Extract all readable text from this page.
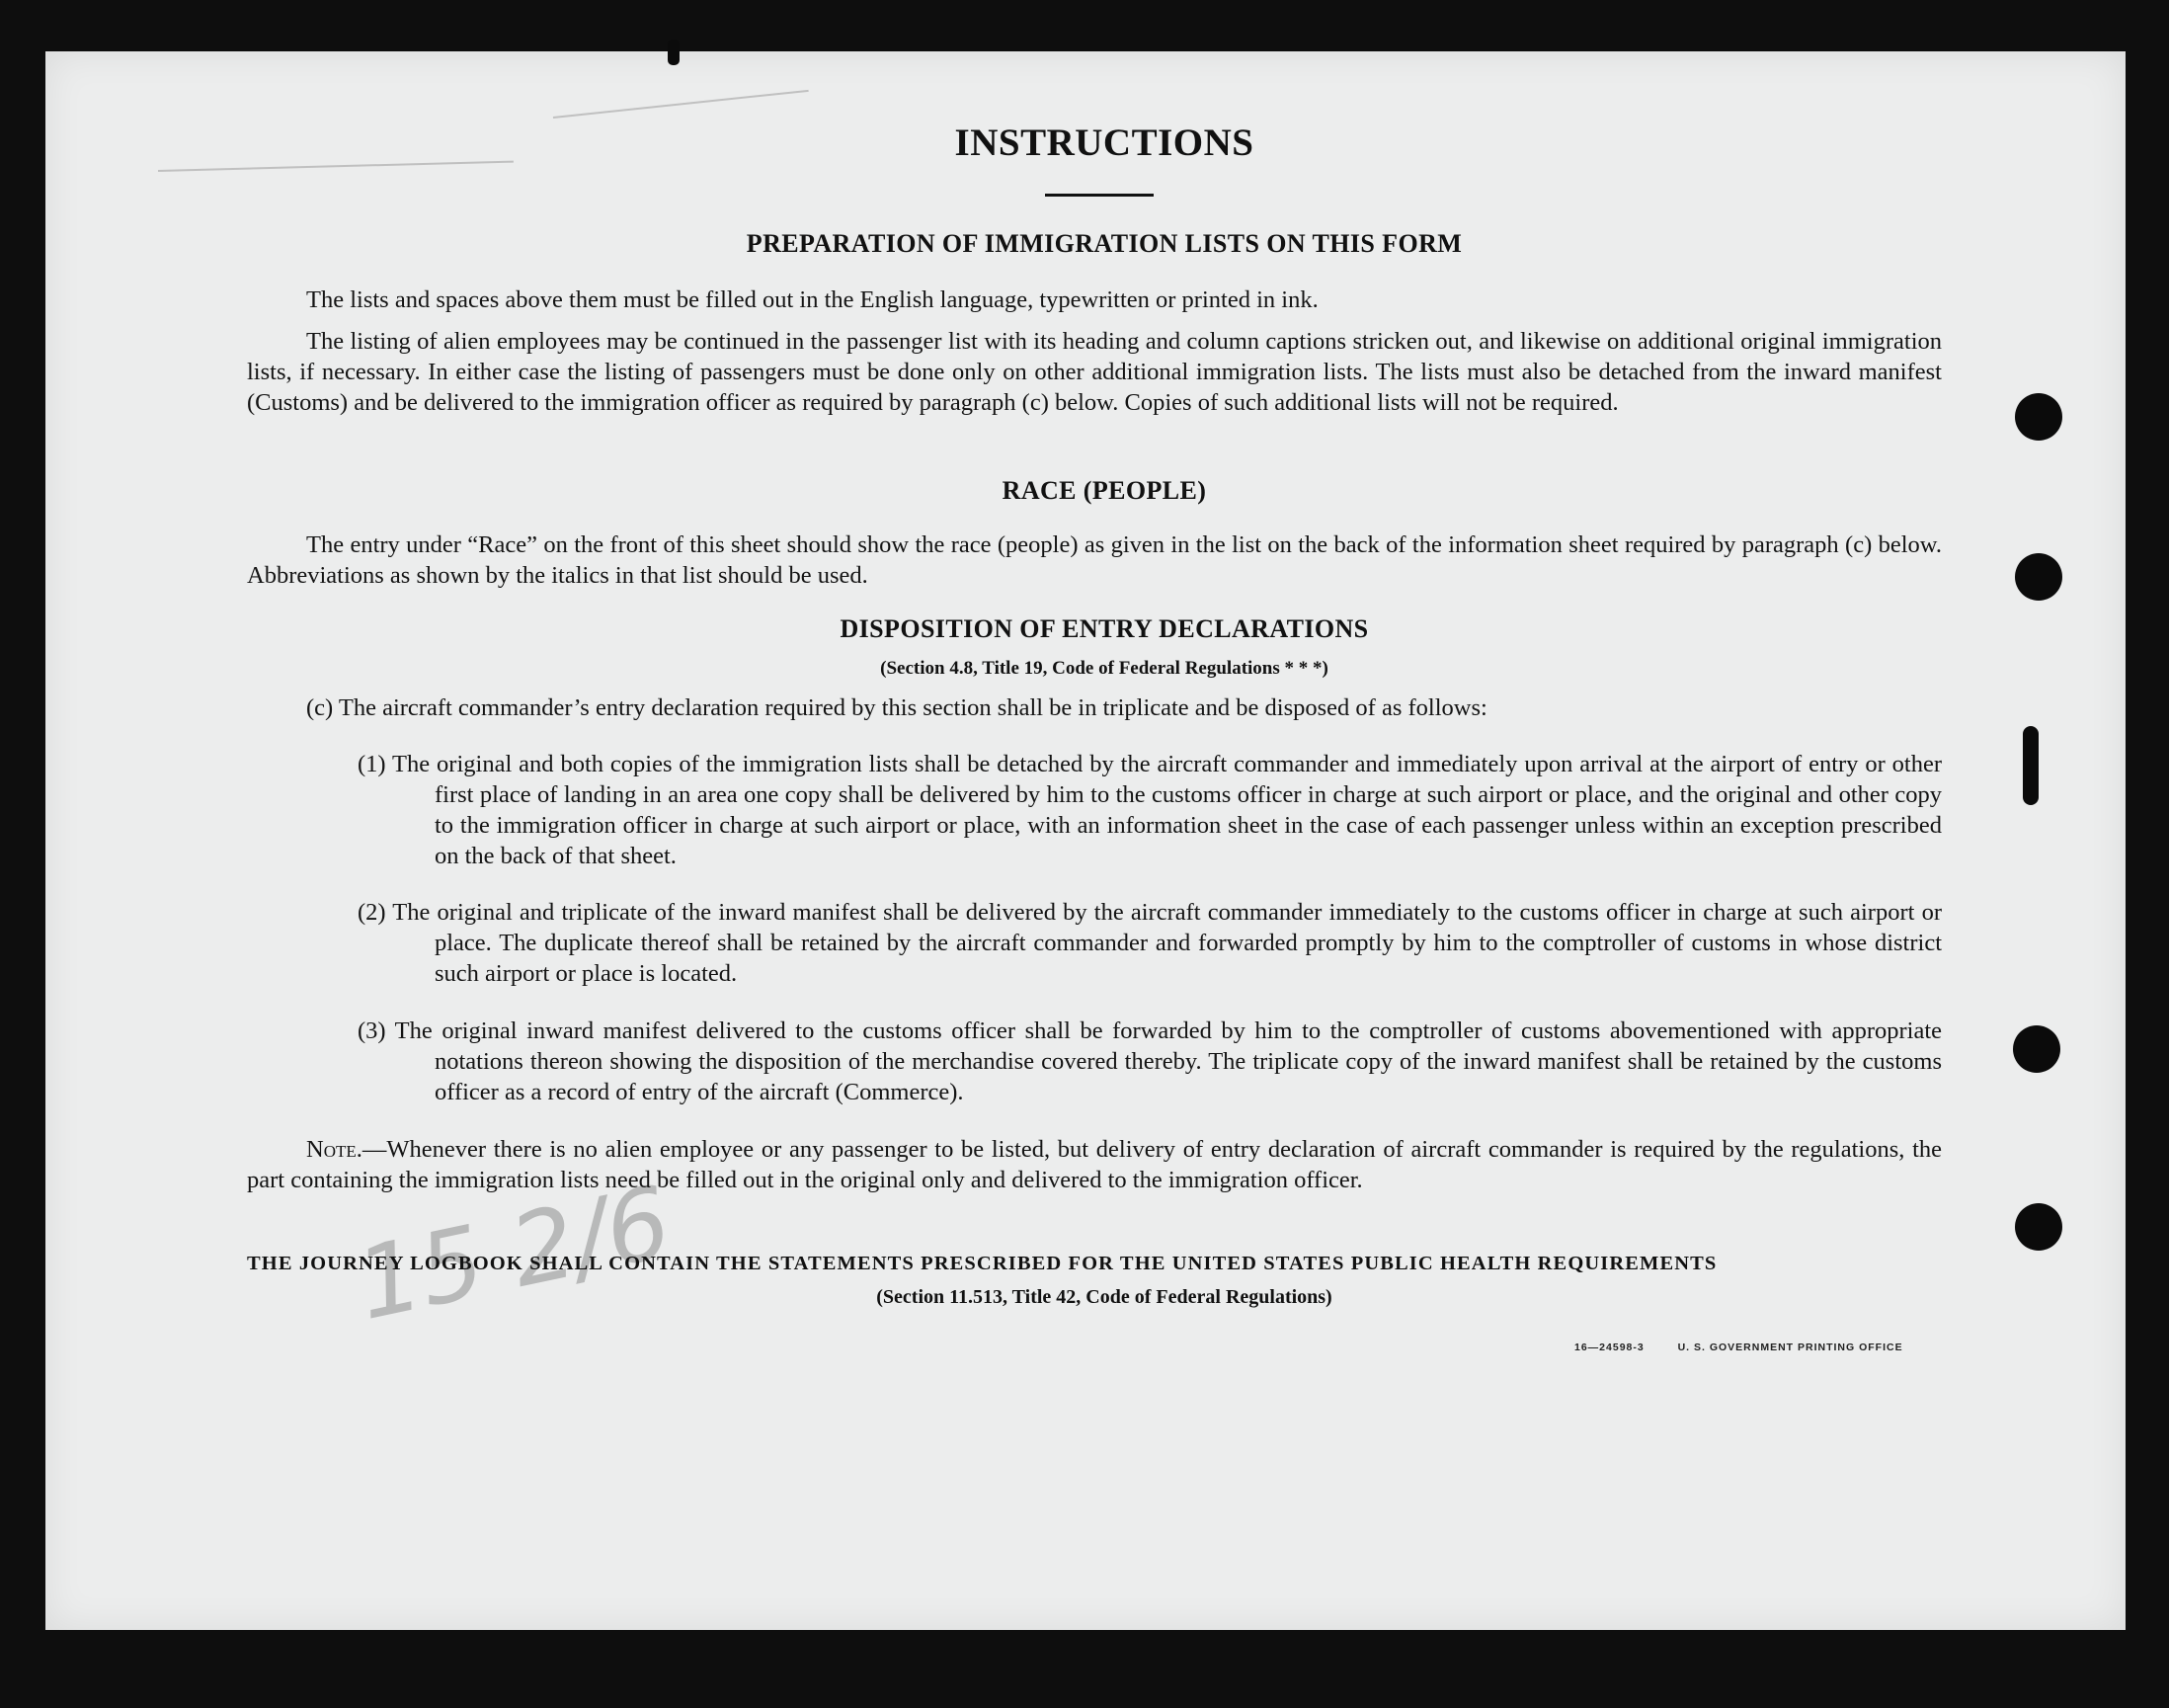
15 2/6
INSTRUCTIONS
PREPARATION OF IMMIGRATION LISTS ON THIS FORM
The lists and spaces above them must be filled out in the English language, typewritten or printed in ink.
The listing of alien employees may be continued in the passenger list with its heading and column captions stricken out, and likewise on additional original immigration lists, if necessary. In either case the listing of passengers must be done only on other additional immigration lists. The lists must also be detached from the inward manifest (Customs) and be delivered to the immigration officer as required by paragraph (c) below. Copies of such additional lists will not be required.
RACE (PEOPLE)
The entry under “Race” on the front of this sheet should show the race (people) as given in the list on the back of the information sheet required by paragraph (c) below. Abbreviations as shown by the italics in that list should be used.
DISPOSITION OF ENTRY DECLARATIONS
(Section 4.8, Title 19, Code of Federal Regulations * * *)
(c) The aircraft commander’s entry declaration required by this section shall be in triplicate and be disposed of as follows:
(1) The original and both copies of the immigration lists shall be detached by the aircraft commander and immediately upon arrival at the airport of entry or other first place of landing in an area one copy shall be delivered by him to the customs officer in charge at such airport or place, and the original and other copy to the immigration officer in charge at such airport or place, with an information sheet in the case of each passenger unless within an exception prescribed on the back of that sheet.
(2) The original and triplicate of the inward manifest shall be delivered by the aircraft commander immediately to the customs officer in charge at such airport or place. The duplicate thereof shall be retained by the aircraft commander and forwarded promptly by him to the comptroller of customs in whose district such airport or place is located.
(3) The original inward manifest delivered to the customs officer shall be forwarded by him to the comptroller of customs abovementioned with appropriate notations thereon showing the disposition of the merchandise covered thereby. The triplicate copy of the inward manifest shall be retained by the customs officer as a record of entry of the aircraft (Commerce).
Note.—Whenever there is no alien employee or any passenger to be listed, but delivery of entry declaration of aircraft commander is required by the regulations, the part containing the immigration lists need be filled out in the original only and delivered to the immigration officer.
THE JOURNEY LOGBOOK SHALL CONTAIN THE STATEMENTS PRESCRIBED FOR THE UNITED STATES PUBLIC HEALTH REQUIREMENTS
(Section 11.513, Title 42, Code of Federal Regulations)
16—24598-3	U. S. GOVERNMENT PRINTING OFFICE
